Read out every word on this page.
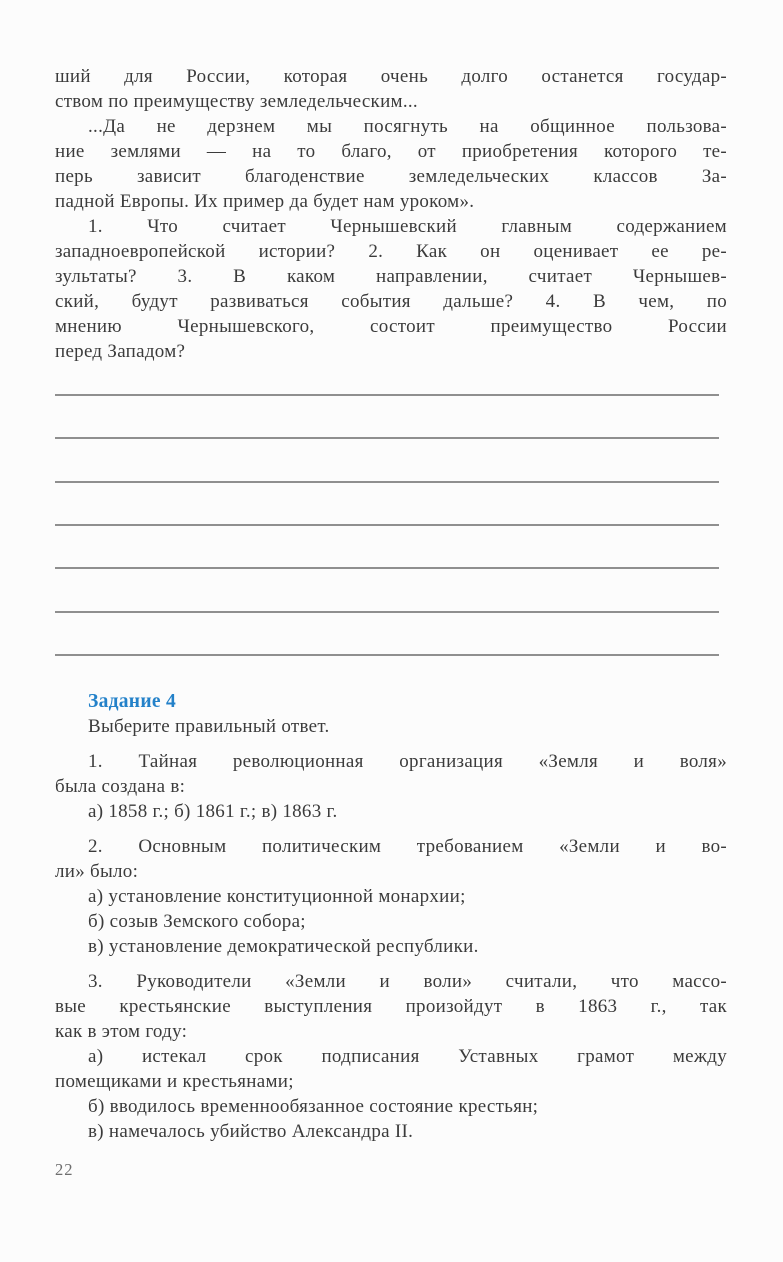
ший для России, которая очень долго останется государ-
ством по преимуществу земледельческим...
...Да не дерзнем мы посягнуть на общинное пользова-
ние землями — на то благо, от приобретения которого те-
перь зависит благоденствие земледельческих классов За-
падной Европы. Их пример да будет нам уроком».
1. Что считает Чернышевский главным содержанием
западноевропейской истории? 2. Как он оценивает ее ре-
зультаты? 3. В каком направлении, считает Чернышев-
ский, будут развиваться события дальше? 4. В чем, по
мнению Чернышевского, состоит преимущество России
перед Западом?
Задание 4

Выберите правильный ответ.

1. Тайная революционная организация «Земля и воля»
была создана в:
а) 1858 г.; б) 1861 г.; в) 1863 г.
2. Основным политическим требованием «Земли и во-
ли» было:
а) установление конституционной монархии;
б) созыв Земского собора;
в) установление демократической республики.
3. Руководители «Земли и воли» считали, что массо-
вые крестьянские выступления произойдут в 1863 г., так
как в этом году:
а) истекал срок подписания Уставных грамот между
помещиками и крестьянами;
б) вводилось временнообязанное состояние крестьян;
в) намечалось убийство Александра II.
22
